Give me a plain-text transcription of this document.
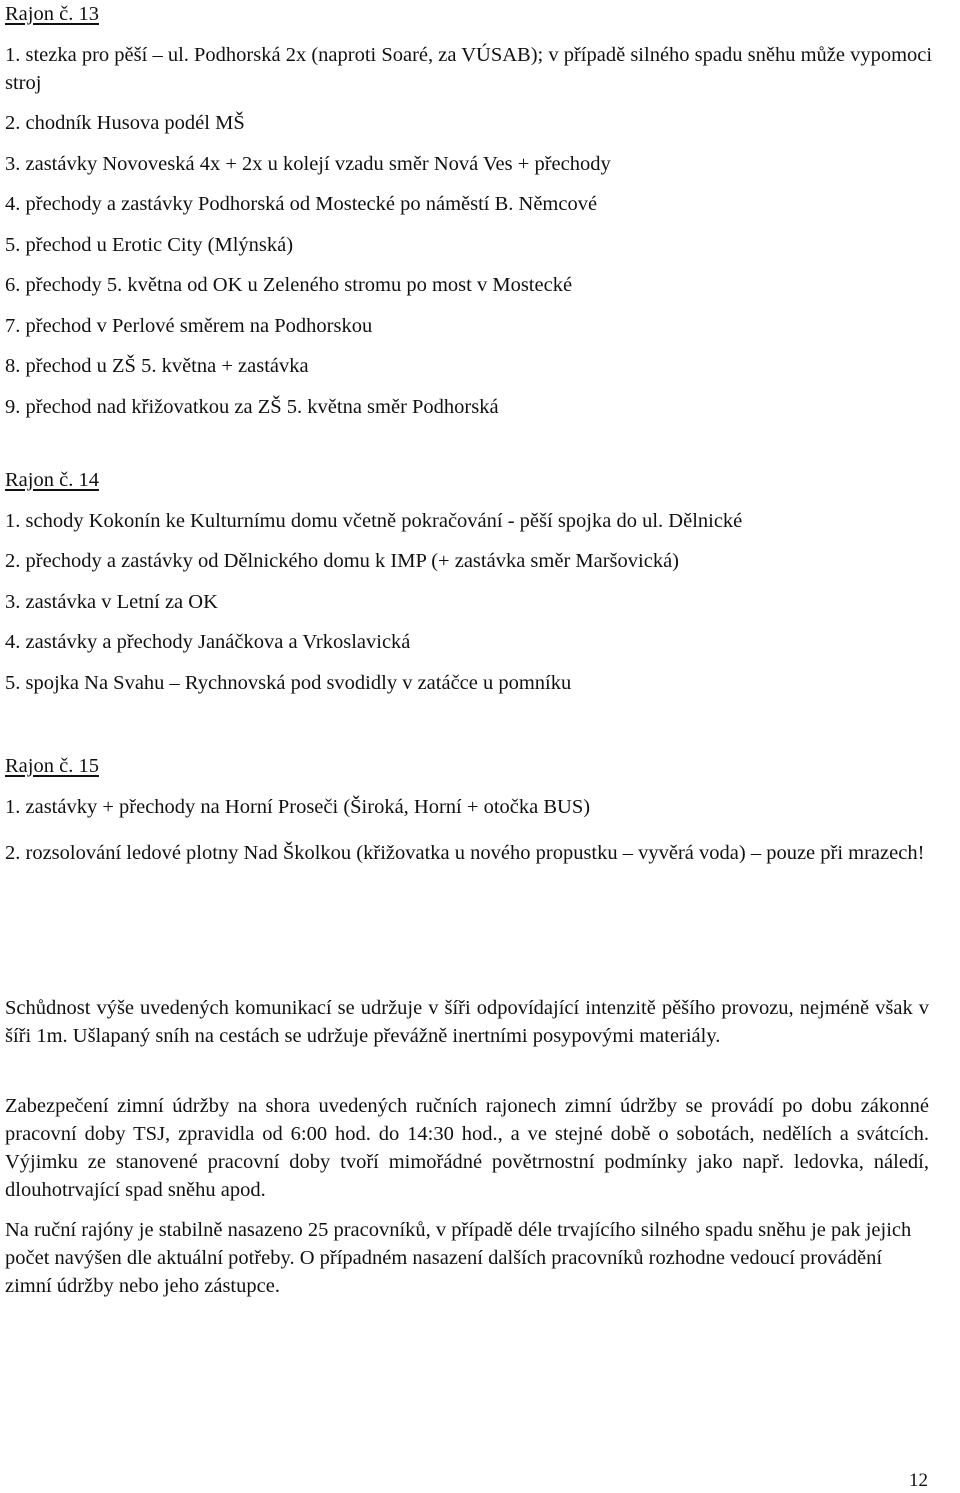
Rajon č. 13
1. stezka pro pěší – ul. Podhorská 2x (naproti Soaré, za VÚSAB); v případě silného spadu sněhu může vypomoci stroj
2. chodník Husova podél MŠ
3. zastávky Novoveská 4x + 2x u kolejí vzadu směr Nová Ves + přechody
4. přechody a zastávky Podhorská od Mostecké po náměstí B. Němcové
5. přechod u Erotic City (Mlýnská)
6. přechody 5. května od OK u Zeleného stromu po most v Mostecké
7. přechod v Perlové směrem na Podhorskou
8. přechod u ZŠ 5. května + zastávka
9. přechod nad křižovatkou za ZŠ 5. května směr Podhorská
Rajon č. 14
1. schody Kokonín ke Kulturnímu domu včetně pokračování - pěší spojka do ul. Dělnické
2. přechody a zastávky od Dělnického domu k IMP (+ zastávka směr Maršovická)
3. zastávka v Letní za OK
4. zastávky a přechody Janáčkova a Vrkoslavická
5. spojka Na Svahu – Rychnovská pod svodidly v zatáčce u pomníku
Rajon č. 15
1. zastávky + přechody na Horní Proseči (Široká, Horní + otočka BUS)
2. rozsolování ledové plotny Nad Školkou (křižovatka u nového propustku – vyvěrá voda) – pouze při mrazech!
Schůdnost výše uvedených komunikací se udržuje v šíři odpovídající intenzitě pěšího provozu, nejméně však v šíři 1m. Ušlapaný sníh na cestách se udržuje převážně inertními posypovými materiály.
Zabezpečení zimní údržby na shora uvedených ručních rajonech zimní údržby se provádí po dobu zákonné pracovní doby TSJ, zpravidla od 6:00 hod. do 14:30 hod., a ve stejné době o sobotách, nedělích a svátcích. Výjimku ze stanovené pracovní doby tvoří mimořádné povětrnostní podmínky jako např. ledovka, náledí, dlouhotrvající spad sněhu apod.
Na ruční rajóny je stabilně nasazeno 25 pracovníků, v případě déle trvajícího silného spadu sněhu je pak jejich počet navýšen dle aktuální potřeby. O případném nasazení dalších pracovníků rozhodne vedoucí provádění zimní údržby nebo jeho zástupce.
12
